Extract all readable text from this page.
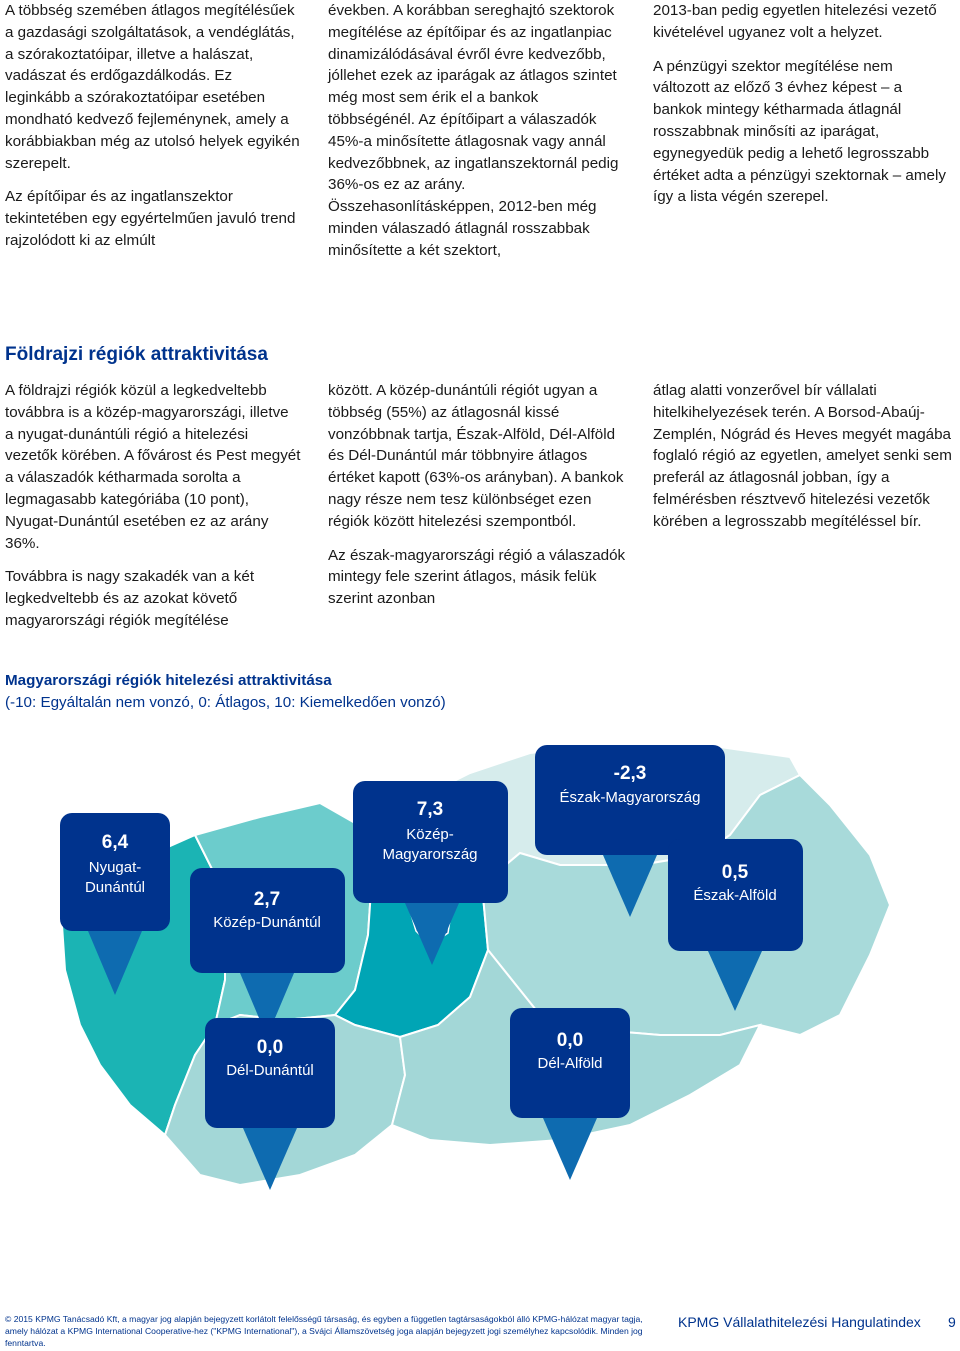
A többség szemében átlagos megítélésűek a gazdasági szolgáltatások, a vendéglátás, a szórakoztatóipar, illetve a halászat, vadászat és erdőgazdálkodás. Ez leginkább a szórakoztatóipar esetében mondható kedvező fejleménynek, amely a korábbiakban még az utolsó helyek egyikén szerepelt.

Az építőipar és az ingatlanszektor tekintetében egy egyértelműen javuló trend rajzolódott ki az elmúlt

években. A korábban sereghajtó szektorok megítélése az építőipar és az ingatlanpiac dinamizálódásával évről évre kedvezőbb, jóllehet ezek az iparágak az átlagos szintet még most sem érik el a bankok többségénél. Az építőipart a válaszadók 45%-a minősítette átlagosnak vagy annál kedvezőbbnek, az ingatlanszektornál pedig 36%-os ez az arány. Összehasonlításképpen, 2012-ben még minden válaszadó átlagnál rosszabbak minősítette a két szektort,

2013-ban pedig egyetlen hitelezési vezető kivételével ugyanez volt a helyzet.

A pénzügyi szektor megítélése nem változott az előző 3 évhez képest – a bankok mintegy kétharmada átlagnál rosszabbnak minősíti az iparágat, egynegyedük pedig a lehető legrosszabb értéket adta a pénzügyi szektornak – amely így a lista végén szerepel.

Földrajzi régiók attraktivitása

A földrajzi régiók közül a legkedveltebb továbbra is a közép-magyarországi, illetve a nyugat-dunántúli régió a hitelezési vezetők körében. A fővárost és Pest megyét a válaszadók kétharmada sorolta a legmagasabb kategóriába (10 pont), Nyugat-Dunántúl esetében ez az arány 36%.

Továbbra is nagy szakadék van a két legkedveltebb és az azokat követő magyarországi régiók megítélése

között. A közép-dunántúli régiót ugyan a többség (55%) az átlagosnál kissé vonzóbbnak tartja, Észak-Alföld, Dél-Alföld és Dél-Dunántúl már többnyire átlagos értéket kapott (63%-os arányban). A bankok nagy része nem tesz különbséget ezen régiók között hitelezési szempontból.

Az észak-magyarországi régió a válaszadók mintegy fele szerint átlagos, másik felük szerint azonban

átlag alatti vonzerővel bír vállalati hitelkihelyezések terén. A Borsod-Abaúj-Zemplén, Nógrád és Heves megyét magába foglaló régió az egyetlen, amelyet senki sem preferál az átlagosnál jobban, így a felmérésben résztvevő hitelezési vezetők körében a legrosszabb megítéléssel bír.

Magyarországi régiók hitelezési attraktivitása
(-10: Egyáltalán nem vonzó, 0: Átlagos, 10: Kiemelkedően vonzó)
6,4
Nyugat-
Dunántúl
2,7
Közép-Dunántúl
7,3
Közép-
Magyarország
-2,3
Észak-Magyarország
0,5
Észak-Alföld
0,0
Dél-Dunántúl
0,0
Dél-Alföld
© 2015 KPMG Tanácsadó Kft, a magyar jog alapján bejegyzett korlátolt felelősségű társaság, és egyben a független tagtársaságokból álló KPMG-hálózat magyar tagja, amely hálózat a KPMG International Cooperative-hez ("KPMG International"), a Svájci Államszövetség joga alapján bejegyzett jogi személyhez kapcsolódik. Minden jog fenntartva.
KPMG Vállalathitelezési Hangulatindex 9
